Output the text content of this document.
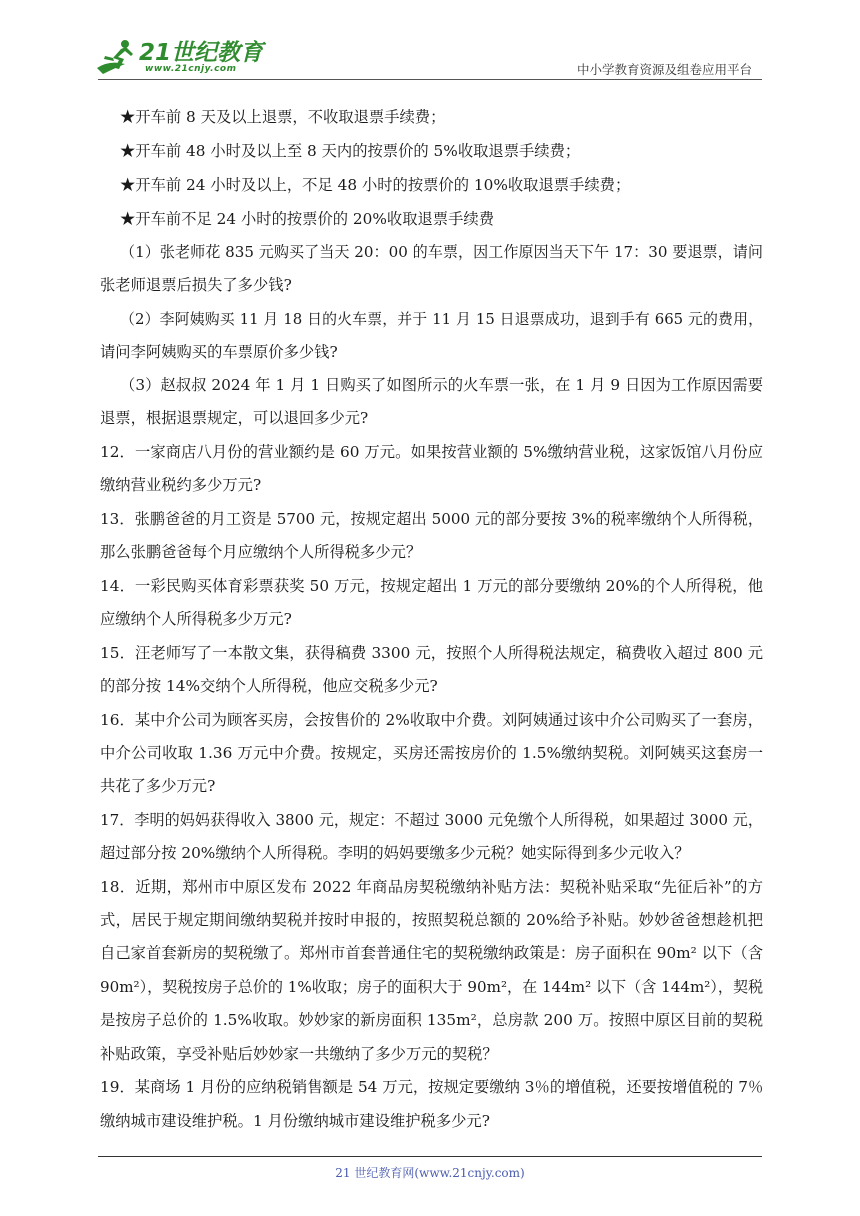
21世纪教育
www.21cnjy.com	中小学教育资源及组卷应用平台
★开车前 8 天及以上退票，不收取退票手续费；
★开车前 48 小时及以上至 8 天内的按票价的 5%收取退票手续费；
★开车前 24 小时及以上，不足 48 小时的按票价的 10%收取退票手续费；
★开车前不足 24 小时的按票价的 20%收取退票手续费
（1）张老师花 835 元购买了当天 20：00 的车票，因工作原因当天下午 17：30 要退票，请问
张老师退票后损失了多少钱?
（2）李阿姨购买 11 月 18 日的火车票，并于 11 月 15 日退票成功，退到手有 665 元的费用，
请问李阿姨购买的车票原价多少钱?
（3）赵叔叔 2024 年 1 月 1 日购买了如图所示的火车票一张，在 1 月 9 日因为工作原因需要
退票，根据退票规定，可以退回多少元?
12．一家商店八月份的营业额约是 60 万元。如果按营业额的 5%缴纳营业税，这家饭馆八月份应
缴纳营业税约多少万元?
13．张鹏爸爸的月工资是 5700 元，按规定超出 5000 元的部分要按 3%的税率缴纳个人所得税，
那么张鹏爸爸每个月应缴纳个人所得税多少元？
14．一彩民购买体育彩票获奖 50 万元，按规定超出 1 万元的部分要缴纳 20%的个人所得税，他
应缴纳个人所得税多少万元?
15．汪老师写了一本散文集，获得稿费 3300 元，按照个人所得税法规定，稿费收入超过 800 元
的部分按 14%交纳个人所得税，他应交税多少元?
16．某中介公司为顾客买房，会按售价的 2%收取中介费。刘阿姨通过该中介公司购买了一套房，
中介公司收取 1.36 万元中介费。按规定，买房还需按房价的 1.5%缴纳契税。刘阿姨买这套房一
共花了多少万元?
17．李明的妈妈获得收入 3800 元，规定：不超过 3000 元免缴个人所得税，如果超过 3000 元，
超过部分按 20%缴纳个人所得税。李明的妈妈要缴多少元税？她实际得到多少元收入？
18．近期，郑州市中原区发布 2022 年商品房契税缴纳补贴方法：契税补贴采取“先征后补”的方
式，居民于规定期间缴纳契税并按时申报的，按照契税总额的 20%给予补贴。妙妙爸爸想趁机把
自己家首套新房的契税缴了。郑州市首套普通住宅的契税缴纳政策是：房子面积在 90m² 以下（含
90m²），契税按房子总价的 1%收取；房子的面积大于 90m²，在 144m² 以下（含 144m²），契税
是按房子总价的 1.5%收取。妙妙家的新房面积 135m²，总房款 200 万。按照中原区目前的契税
补贴政策，享受补贴后妙妙家一共缴纳了多少万元的契税？
19．某商场 1 月份的应纳税销售额是 54 万元，按规定要缴纳 3％的增值税，还要按增值税的 7％
缴纳城市建设维护税。1 月份缴纳城市建设维护税多少元?
21 世纪教育网(www.21cnjy.com)
